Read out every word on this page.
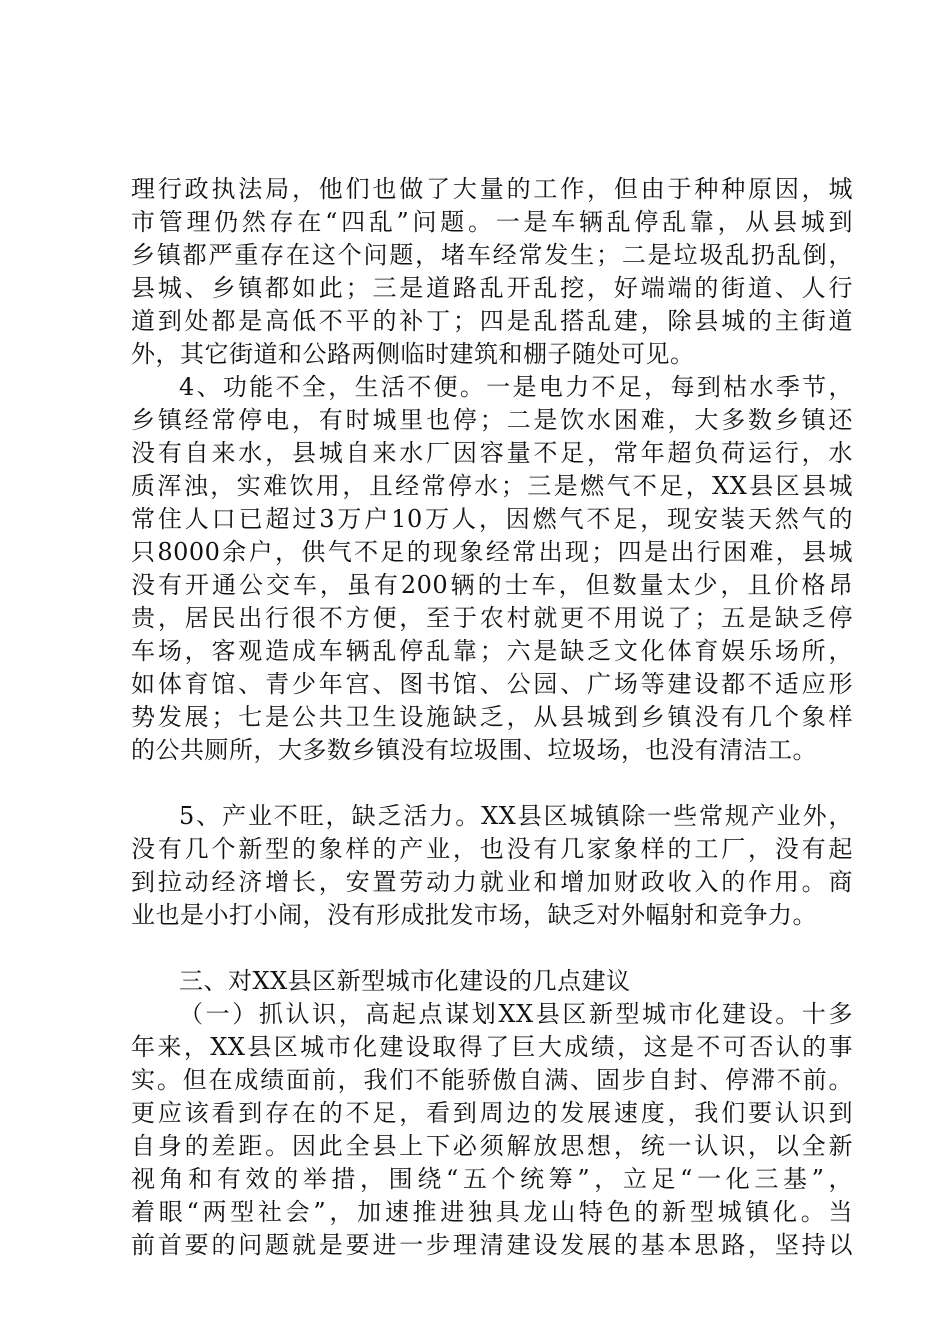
理行政执法局，他们也做了大量的工作，但由于种种原因，城
市管理仍然存在“四乱”问题。一是车辆乱停乱靠，从县城到
乡镇都严重存在这个问题，堵车经常发生；二是垃圾乱扔乱倒，
县城、乡镇都如此；三是道路乱开乱挖，好端端的街道、人行
道到处都是高低不平的补丁；四是乱搭乱建，除县城的主街道
外，其它街道和公路两侧临时建筑和棚子随处可见。
4、功能不全，生活不便。一是电力不足，每到枯水季节，
乡镇经常停电，有时城里也停；二是饮水困难，大多数乡镇还
没有自来水，县城自来水厂因容量不足，常年超负荷运行，水
质浑浊，实难饮用，且经常停水；三是燃气不足，XX县区县城
常住人口已超过3万户10万人，因燃气不足，现安装天然气的
只8000余户，供气不足的现象经常出现；四是出行困难，县城
没有开通公交车，虽有200辆的士车，但数量太少，且价格昂
贵，居民出行很不方便，至于农村就更不用说了；五是缺乏停
车场，客观造成车辆乱停乱靠；六是缺乏文化体育娱乐场所，
如体育馆、青少年宫、图书馆、公园、广场等建设都不适应形
势发展；七是公共卫生设施缺乏，从县城到乡镇没有几个象样
的公共厕所，大多数乡镇没有垃圾围、垃圾场，也没有清洁工。
5、产业不旺，缺乏活力。XX县区城镇除一些常规产业外，
没有几个新型的象样的产业，也没有几家象样的工厂，没有起
到拉动经济增长，安置劳动力就业和增加财政收入的作用。商
业也是小打小闹，没有形成批发市场，缺乏对外幅射和竞争力。
三、对XX县区新型城市化建设的几点建议
（一）抓认识，高起点谋划XX县区新型城市化建设。十多
年来，XX县区城市化建设取得了巨大成绩，这是不可否认的事
实。但在成绩面前，我们不能骄傲自满、固步自封、停滞不前。
更应该看到存在的不足，看到周边的发展速度，我们要认识到
自身的差距。因此全县上下必须解放思想，统一认识，以全新
视角和有效的举措，围绕“五个统筹”，立足“一化三基”，
着眼“两型社会”，加速推进独具龙山特色的新型城镇化。当
前首要的问题就是要进一步理清建设发展的基本思路，坚持以
